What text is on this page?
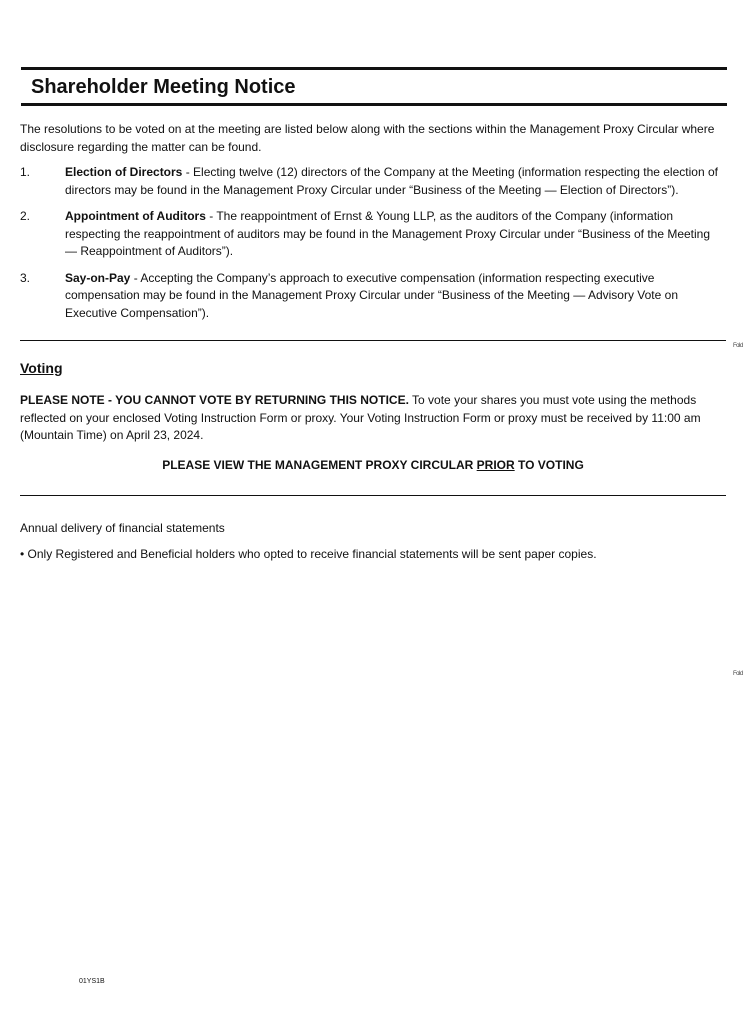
Shareholder Meeting Notice

The resolutions to be voted on at the meeting are listed below along with the sections within the Management Proxy Circular where disclosure regarding the matter can be found.

1.	Election of Directors - Electing twelve (12) directors of the Company at the Meeting (information respecting the election of directors may be found in the Management Proxy Circular under “Business of the Meeting — Election of Directors”).
2.	Appointment of Auditors - The reappointment of Ernst & Young LLP, as the auditors of the Company (information respecting the reappointment of auditors may be found in the Management Proxy Circular under “Business of the Meeting — Reappointment of Auditors”).
3.	Say-on-Pay - Accepting the Company’s approach to executive compensation (information respecting executive compensation may be found in the Management Proxy Circular under “Business of the Meeting — Advisory Vote on Executive Compensation”).
Fold
Voting

PLEASE NOTE - YOU CANNOT VOTE BY RETURNING THIS NOTICE. To vote your shares you must vote using the methods reflected on your enclosed Voting Instruction Form or proxy. Your Voting Instruction Form or proxy must be received by 11:00 am (Mountain Time) on April 23, 2024.

PLEASE VIEW THE MANAGEMENT PROXY CIRCULAR PRIOR TO VOTING

Annual delivery of financial statements

• Only Registered and Beneficial holders who opted to receive financial statements will be sent paper copies.

Fold

01YS1B
